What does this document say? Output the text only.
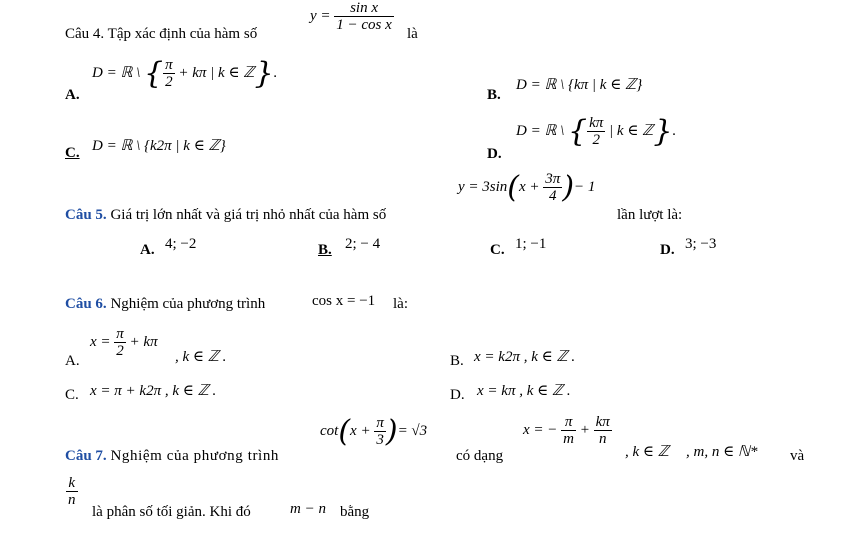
Câu 4. Tập xác định của hàm số
$y = \frac{\text{sin x}}{\text{1 − cos x}}$
là
A.
D = ℝ \ { $\frac{\pi}{2} + k\pi$ | k ∈ ℤ}.
B.
D = ℝ \ {kπ | k ∈ ℤ}
C. D = ℝ \ {k2π | k ∈ ℤ}	D.
D = ℝ \ { $\frac{k\pi}{2}$ | k ∈ ℤ}.
Câu 5. Giá trị lớn nhất và giá trị nhỏ nhất của hàm số
$y = 3\sin(x + \frac{3\pi}{4}$ )− 1
lần lượt là:
A. 4; −2	B. 2; − 4	C. 1; −1	D. 3; −3
Câu 6. Nghiệm của phương trình	cos x = −1 là:
A.
$x = \frac{\pi}{2} + k\pi$
, k ∈ ℤ .	B. x = k2π , k ∈ ℤ .
C. x = π + k2π , k ∈ ℤ .	D. x = kπ , k ∈ ℤ .
Câu 7. Nghiệm của phương trình
$\cot(x + \frac{\pi}{3}$ )= √3
có dạng
x = − $\frac{\pi}{m} + \frac{k\pi}{n}$
, k ∈ ℤ , m, n ∈ ℕ* và
$\frac{k}{n}$
là phân số tối giản. Khi đó	m − n bằng
